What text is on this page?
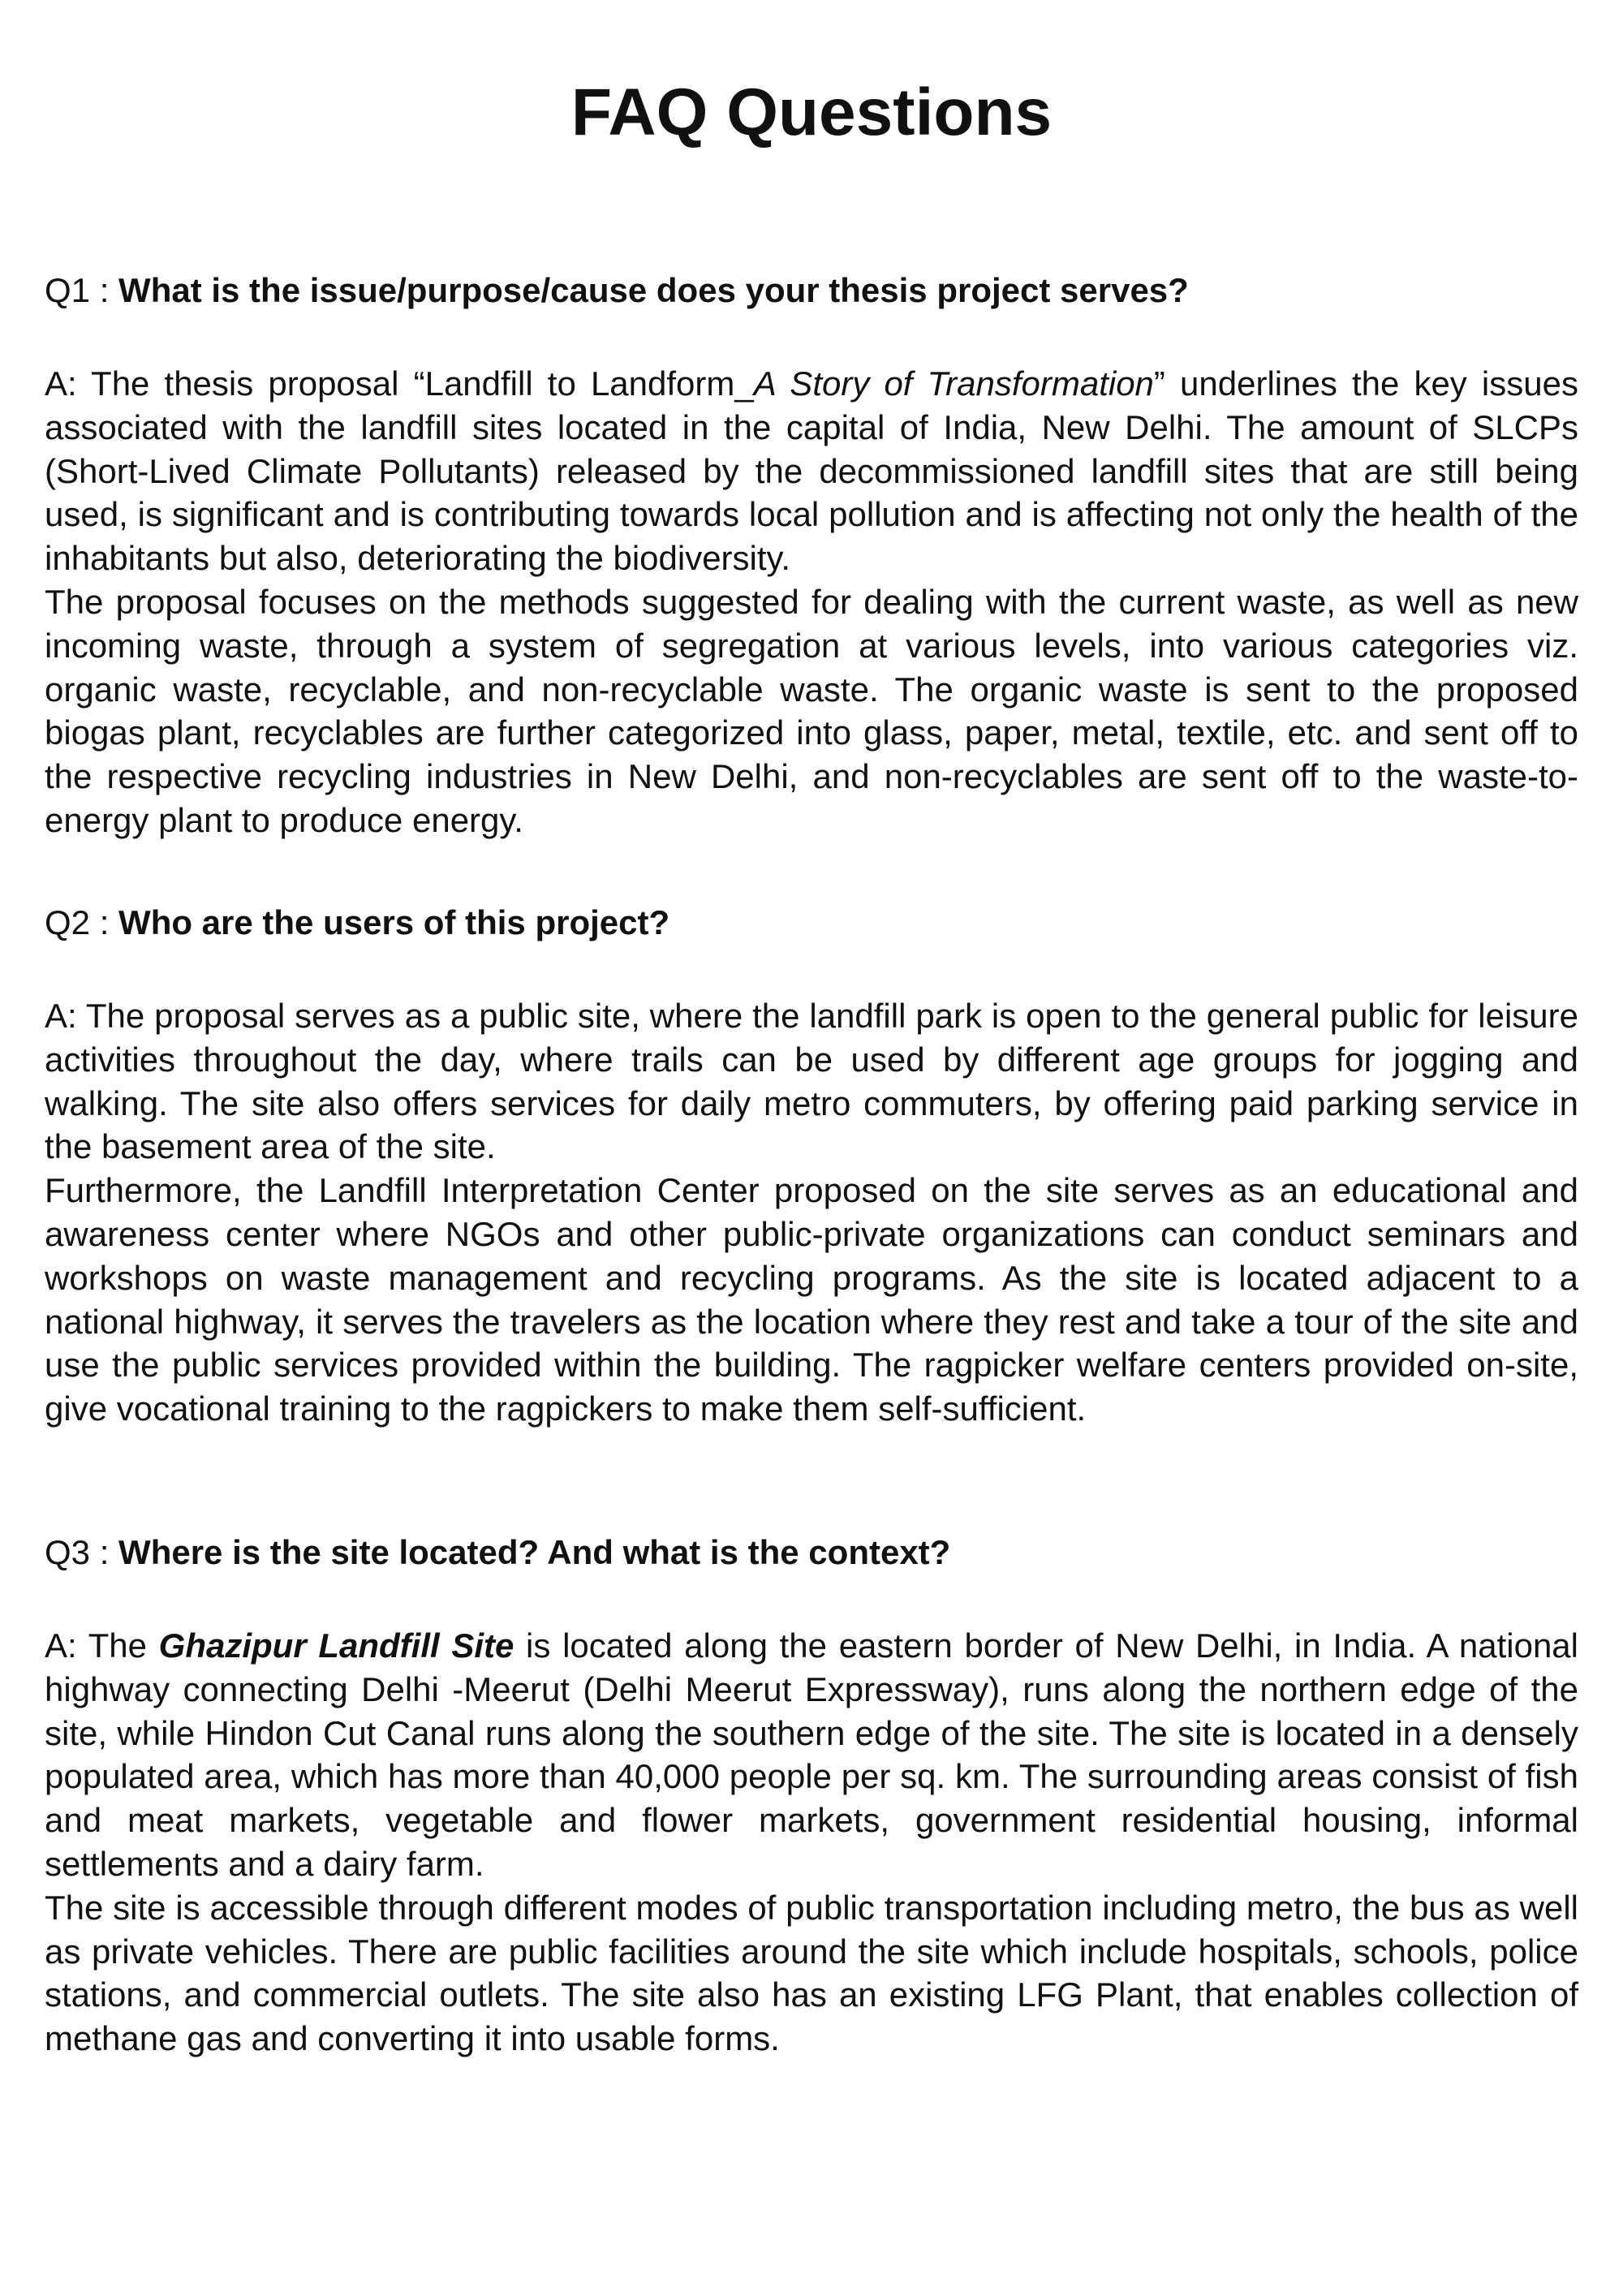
FAQ Questions

Q1 : What is the issue/purpose/cause does your thesis project serves?

A: The thesis proposal “Landfill to Landform_A Story of Transformation” underlines the key issues associated with the landfill sites located in the capital of India, New Delhi. The amount of SLCPs (Short-Lived Climate Pollutants) released by the decommissioned landfill sites that are still being used, is significant and is contributing towards local pollution and is affecting not only the health of the inhabitants but also, deteriorating the biodiversity.

The proposal focuses on the methods suggested for dealing with the current waste, as well as new incoming waste, through a system of segregation at various levels, into various categories viz. organic waste, recyclable, and non-recyclable waste. The organic waste is sent to the proposed biogas plant, recyclables are further categorized into glass, paper, metal, textile, etc. and sent off to the respective recycling industries in New Delhi, and non-recyclables are sent off to the waste-to-energy plant to produce energy.

Q2 : Who are the users of this project?

A: The proposal serves as a public site, where the landfill park is open to the general public for leisure activities throughout the day, where trails can be used by different age groups for jogging and walking. The site also offers services for daily metro commuters, by offering paid parking service in the basement area of the site.

Furthermore, the Landfill Interpretation Center proposed on the site serves as an educational and awareness center where NGOs and other public-private organizations can conduct seminars and workshops on waste management and recycling programs. As the site is located adjacent to a national highway, it serves the travelers as the location where they rest and take a tour of the site and use the public services provided within the building. The ragpicker welfare centers provided on-site, give vocational training to the ragpickers to make them self-sufficient.

Q3 : Where is the site located? And what is the context?

A: The Ghazipur Landfill Site is located along the eastern border of New Delhi, in India. A national highway connecting Delhi -Meerut (Delhi Meerut Expressway), runs along the northern edge of the site, while Hindon Cut Canal runs along the southern edge of the site. The site is located in a densely populated area, which has more than 40,000 people per sq. km. The surrounding areas consist of fish and meat markets, vegetable and flower markets, government residential housing, informal settlements and a dairy farm.

The site is accessible through different modes of public transportation including metro, the bus as well as private vehicles. There are public facilities around the site which include hospitals, schools, police stations, and commercial outlets. The site also has an existing LFG Plant, that enables collection of methane gas and converting it into usable forms.
